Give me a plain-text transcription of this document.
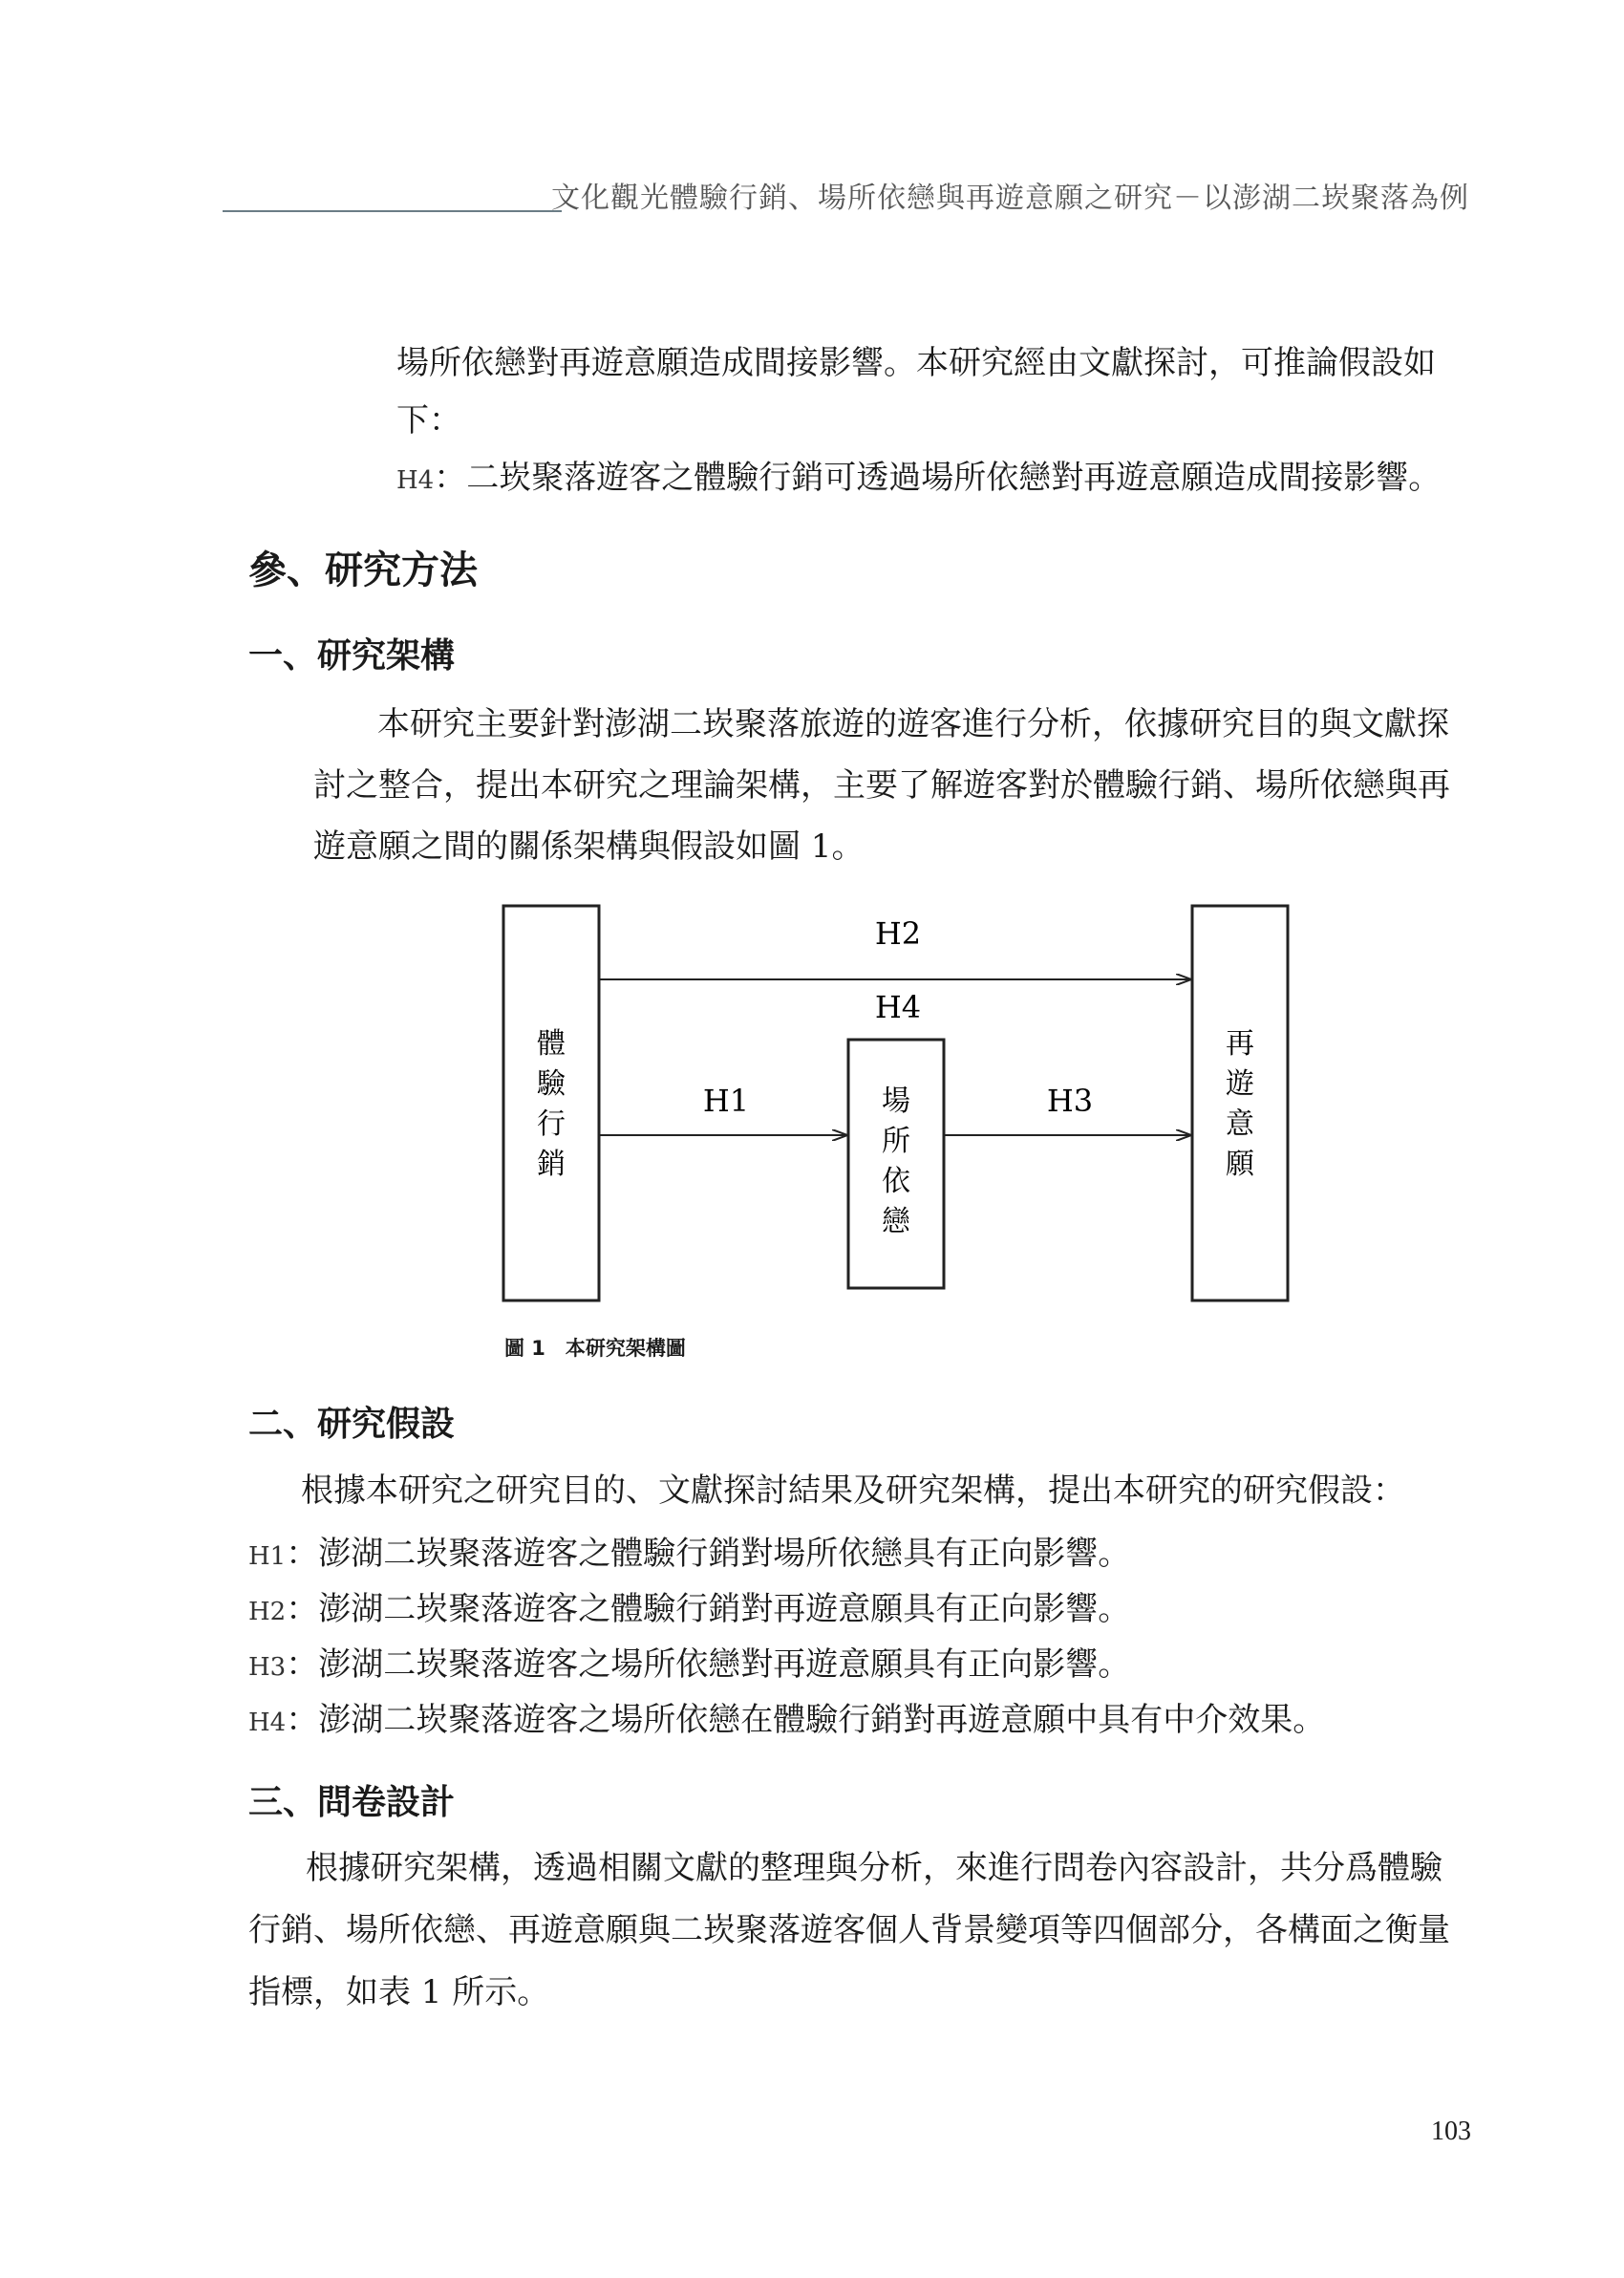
文化觀光體驗行銷、場所依戀與再遊意願之研究－以澎湖二崁聚落為例
場所依戀對再遊意願造成間接影響。本研究經由文獻探討，可推論假設如
下：
H4：二崁聚落遊客之體驗行銷可透過場所依戀對再遊意願造成間接影響。
參、研究方法
一、研究架構
本研究主要針對澎湖二崁聚落旅遊的遊客進行分析，依據研究目的與文獻探
討之整合，提出本研究之理論架構，主要了解遊客對於體驗行銷、場所依戀與再
遊意願之間的關係架構與假設如圖 1。
H2
H4
H1	H3
體
驗
行
銷
場
所
依
戀
再
遊
意
願
圖 1　本研究架構圖
二、研究假設
根據本研究之研究目的、文獻探討結果及研究架構，提出本研究的研究假設：
H1：澎湖二崁聚落遊客之體驗行銷對場所依戀具有正向影響。
H2：澎湖二崁聚落遊客之體驗行銷對再遊意願具有正向影響。
H3：澎湖二崁聚落遊客之場所依戀對再遊意願具有正向影響。
H4：澎湖二崁聚落遊客之場所依戀在體驗行銷對再遊意願中具有中介效果。
三、問卷設計
根據研究架構，透過相關文獻的整理與分析，來進行問卷內容設計，共分爲體驗
行銷、場所依戀、再遊意願與二崁聚落遊客個人背景變項等四個部分，各構面之衡量
指標，如表 1 所示。
103
